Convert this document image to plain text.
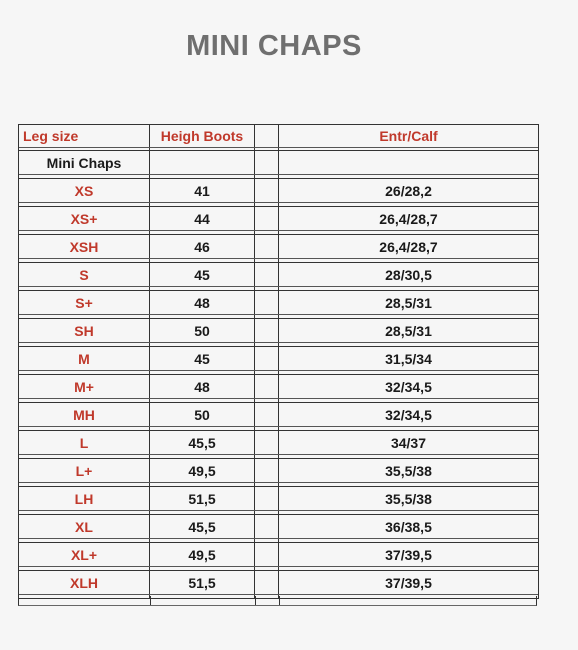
MINI CHAPS
Leg size	Heigh Boots	Entr/Calf
Mini Chaps
XS	41	26/28,2
XS+	44	26,4/28,7
XSH	46	26,4/28,7
S	45	28/30,5
S+	48	28,5/31
SH	50	28,5/31
M	45	31,5/34
M+	48	32/34,5
MH	50	32/34,5
L	45,5	34/37
L+	49,5	35,5/38
LH	51,5	35,5/38
XL	45,5	36/38,5
XL+	49,5	37/39,5
XLH	51,5	37/39,5
